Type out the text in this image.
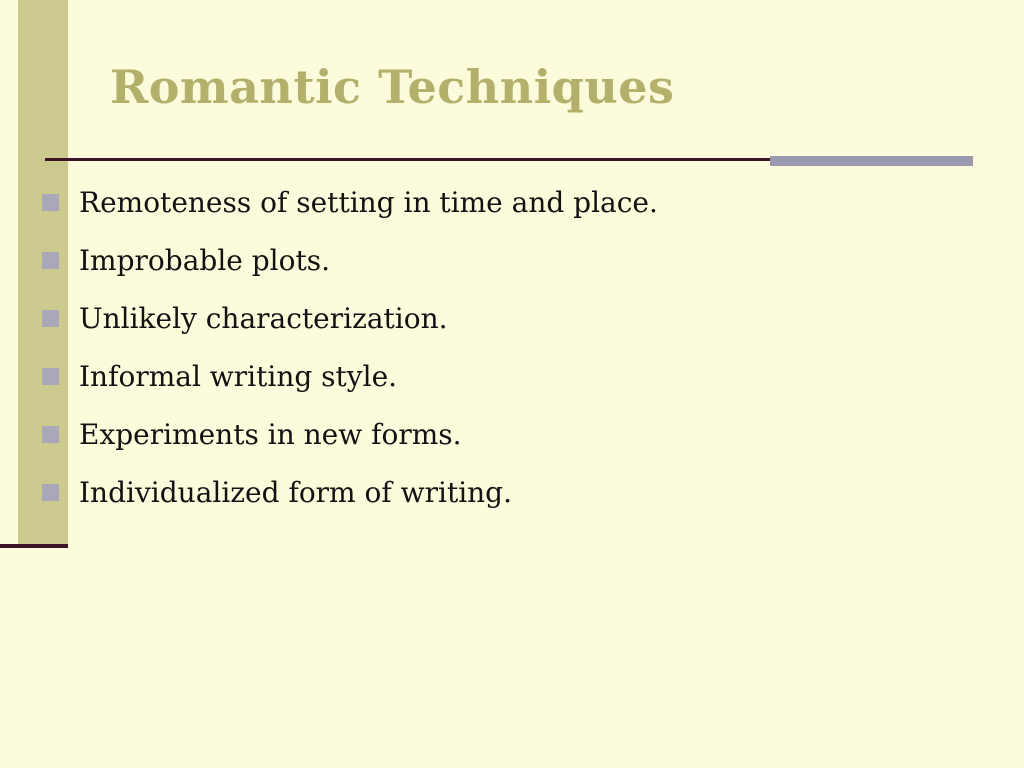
Romantic Techniques
Remoteness of setting in time and place.
Improbable plots.
Unlikely characterization.
Informal writing style.
Experiments in new forms.
Individualized form of writing.
